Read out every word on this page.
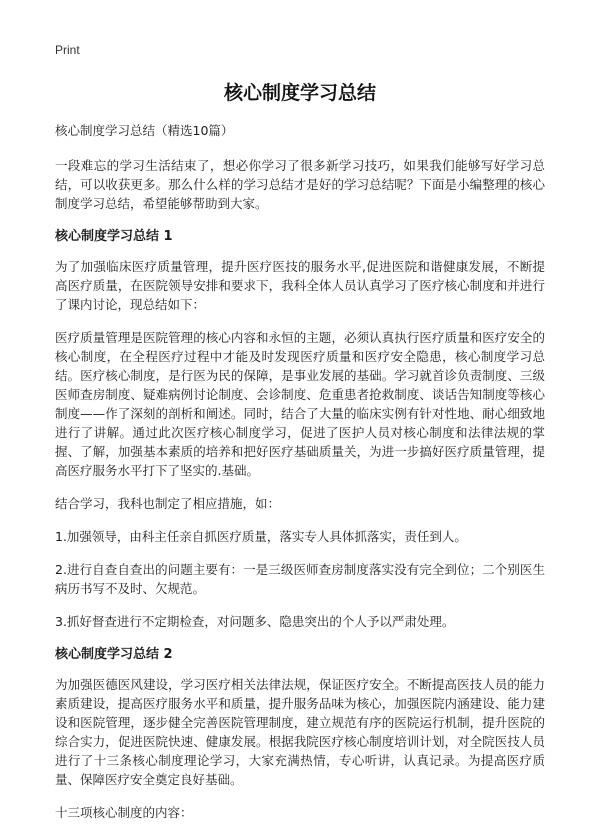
Print
核心制度学习总结
核心制度学习总结（精选10篇）

一段难忘的学习生活结束了，想必你学习了很多新学习技巧，如果我们能够写好学习总结，可以收获更多。那么什么样的学习总结才是好的学习总结呢？下面是小编整理的核心制度学习总结，希望能够帮助到大家。

核心制度学习总结 1

为了加强临床医疗质量管理，提升医疗医技的服务水平,促进医院和谐健康发展，不断提高医疗质量，在医院领导安排和要求下，我科全体人员认真学习了医疗核心制度和并进行了课内讨论，现总结如下：

医疗质量管理是医院管理的核心内容和永恒的主题，必须认真执行医疗质量和医疗安全的核心制度，在全程医疗过程中才能及时发现医疗质量和医疗安全隐患，核心制度学习总结。医疗核心制度，是行医为民的保障，是事业发展的基础。学习就首诊负责制度、三级医师查房制度、疑难病例讨论制度、会诊制度、危重患者抢救制度、谈话告知制度等核心制度——作了深刻的剖析和阐述。同时，结合了大量的临床实例有针对性地、耐心细致地进行了讲解。通过此次医疗核心制度学习，促进了医护人员对核心制度和法律法规的掌握、了解，加强基本素质的培养和把好医疗基础质量关，为进一步搞好医疗质量管理，提高医疗服务水平打下了坚实的.基础。

结合学习，我科也制定了相应措施，如：

1.加强领导，由科主任亲自抓医疗质量，落实专人具体抓落实，责任到人。

2.进行自查自查出的问题主要有：一是三级医师查房制度落实没有完全到位；二个别医生病历书写不及时、欠规范。

3.抓好督查进行不定期检查，对问题多、隐患突出的个人予以严肃处理。

核心制度学习总结 2

为加强医德医风建设，学习医疗相关法律法规，保证医疗安全。不断提高医技人员的能力素质建设，提高医疗服务水平和质量，提升服务品味为核心，加强医院内涵建设、能力建设和医院管理，逐步健全完善医院管理制度，建立规范有序的医院运行机制，提升医院的综合实力，促进医院快速、健康发展。根据我院医疗核心制度培训计划，对全院医技人员进行了十三条核心制度理论学习，大家充满热情，专心听讲，认真记录。为提高医疗质量、保障医疗安全奠定良好基础。

十三项核心制度的内容：
